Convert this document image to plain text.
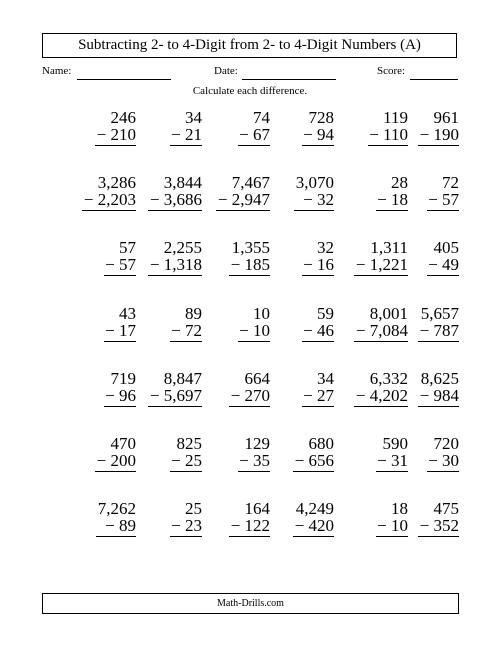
Subtracting 2- to 4-Digit from 2- to 4-Digit Numbers (A)
Name:	Date:	Score:
Calculate each difference.
246
− 210
34
− 21
74
− 67
728
− 94
119
− 110
961
− 190
3,286
− 2,203
3,844
− 3,686
7,467
− 2,947
3,070
− 32
28
− 18
72
− 57
57
− 57
2,255
− 1,318
1,355
− 185
32
− 16
1,311
− 1,221
405
− 49
43
− 17
89
− 72
10
− 10
59
− 46
8,001
− 7,084
5,657
− 787
719
− 96
8,847
− 5,697
664
− 270
34
− 27
6,332
− 4,202
8,625
− 984
470
− 200
825
− 25
129
− 35
680
− 656
590
− 31
720
− 30
7,262
− 89
25
− 23
164
− 122
4,249
− 420
18
− 10
475
− 352
Math-Drills.com
